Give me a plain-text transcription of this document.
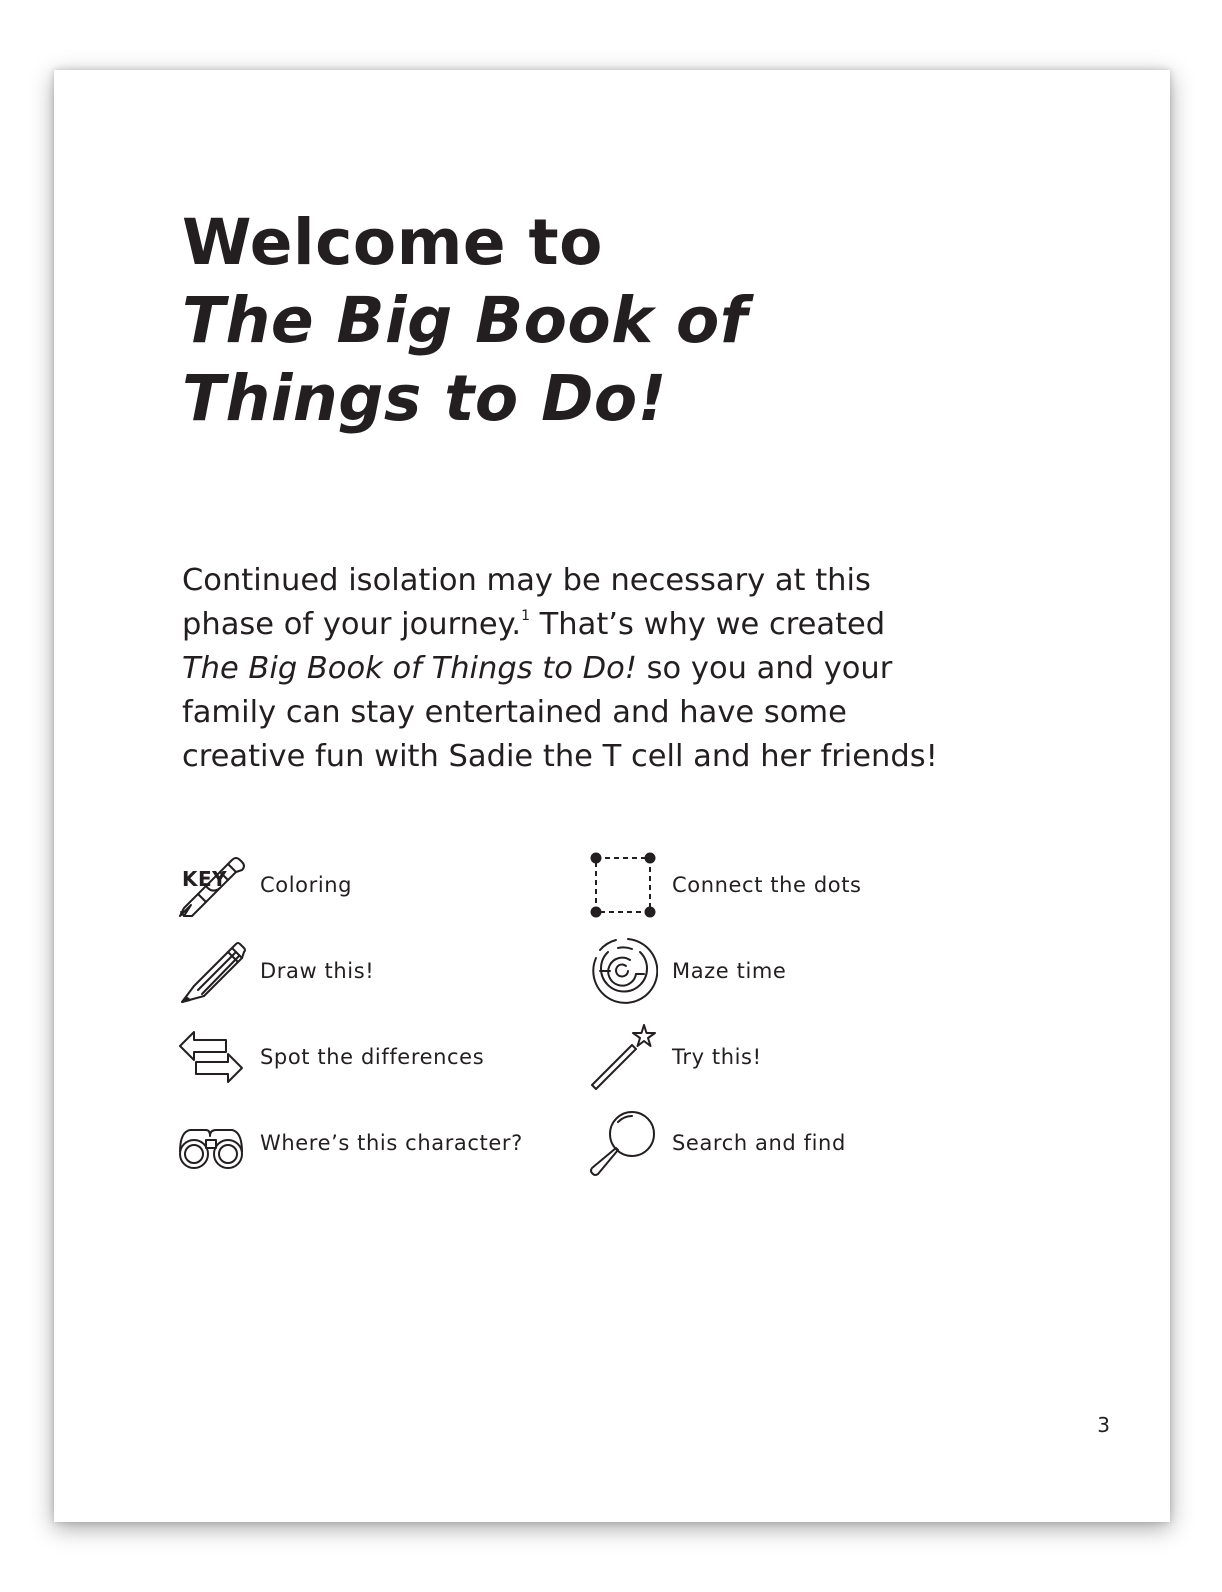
Welcome to
The Big Book of
Things to Do!
Continued isolation may be necessary at this
phase of your journey.$^1$ That’s why we created
The Big Book of Things to Do! so you and your
family can stay entertained and have some
creative fun with Sadie the T cell and her friends!
KEY Coloring	Connect the dots
Draw this!	Maze time
Spot the differences	Try this!
Where’s this character?	Search and find
3
